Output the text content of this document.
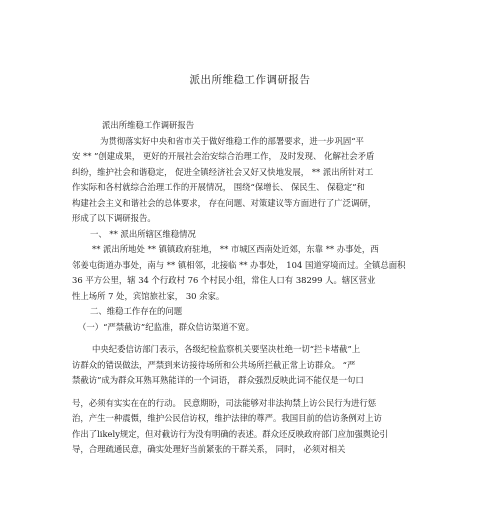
派出所维稳工作调研报告
派出所维稳工作调研报告
为贯彻落实好中央和省市关于做好维稳工作的部署要求，进一步巩固“平
安 ** ”创建成果， 更好的开展社会治安综合治理工作， 及时发现、 化解社会矛盾
纠纷，维护社会和谐稳定， 促进全镇经济社会又好又快地发展， ** 派出所针对工
作实际和各村就综合治理工作的开展情况， 围绕“保增长、 保民生、 保稳定”和
构建社会主义和谐社会的总体要求， 存在问题、对策建议等方面进行了广泛调研，
形成了以下调研报告。
一、 ** 派出所辖区维稳情况
** 派出所地处 ** 镇镇政府驻地， ** 市城区西南处近郊，东靠 ** 办事处，西
邻姜屯街道办事处，南与 ** 镇相邻，北接临 ** 办事处， 104 国道穿境而过。全镇总面积
36 平方公里，辖 34 个行政村 76 个村民小组，常住人口有 38299 人。辖区营业
性上场所 7 处，宾馆旅社家， 30 余家。
二、维稳工作存在的问题
（一）“严禁截访”纪监准，群众信访渠道不宽。
中央纪委信访部门表示，各级纪检监察机关要坚决杜绝一切“拦卡堵截”上
访群众的错误做法，严禁到来访接待场所和公共场所拦截正常上访群众。 “严
禁截访”成为群众耳熟耳熟能详的一个词语， 群众强烈反映此词不能仅是一句口
号，必须有实实在在的行动。 民意期盼，司法能够对非法拘禁上访公民行为进行惩
治，产生一种震慑，维护公民信访权，维护法律的尊严。我国目前的信访条例对上访
作出了likely规定，但对截访行为没有明确的表述。群众还反映政府部门应加强舆论引
导，合理疏通民意，确实处理好当前紧张的干群关系， 同时， 必须对相关
